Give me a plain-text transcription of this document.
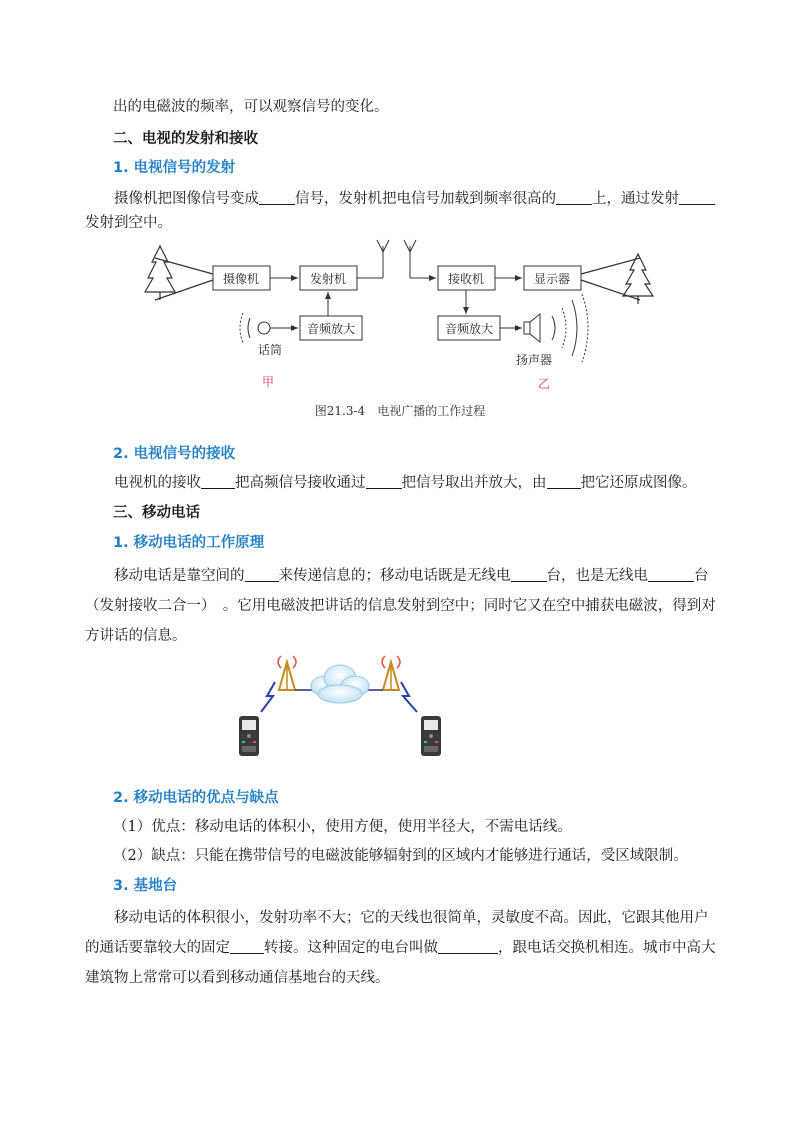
出的电磁波的频率，可以观察信号的变化。
二、电视的发射和接收
1. 电视信号的发射
摄像机把图像信号变成 信号，发射机把电信号加载到频率很高的 上，通过发射发射到空中。
摄像机	发射机
音频放大
话筒
甲
接收机	显示器
音频放大
扬声器
乙
图21.3-4　电视广播的工作过程
2. 电视信号的接收
电视机的接收 把高频信号接收通过 把信号取出并放大，由 把它还原成图像。
三、移动电话
1. 移动电话的工作原理
移动电话是靠空间的 来传递信息的；移动电话既是无线电 台，也是无线电	台（发射接收二合一）　。它用电磁波把讲话的信息发射到空中；同时它又在空中捕获电磁波，得到对方讲话的信息。
2. 移动电话的优点与缺点
（1）优点：移动电话的体积小，使用方便，使用半径大，不需电话线。
（2）缺点：只能在携带信号的电磁波能够辐射到的区域内才能够进行通话，受区域限制。
3. 基地台
移动电话的体积很小，发射功率不大；它的天线也很简单，灵敏度不高。因此，它跟其他用户的通话要靠较大的固定 转接。这种固定的电台叫做	，跟电话交换机相连。城市中高大建筑物上常常可以看到移动通信基地台的天线。
